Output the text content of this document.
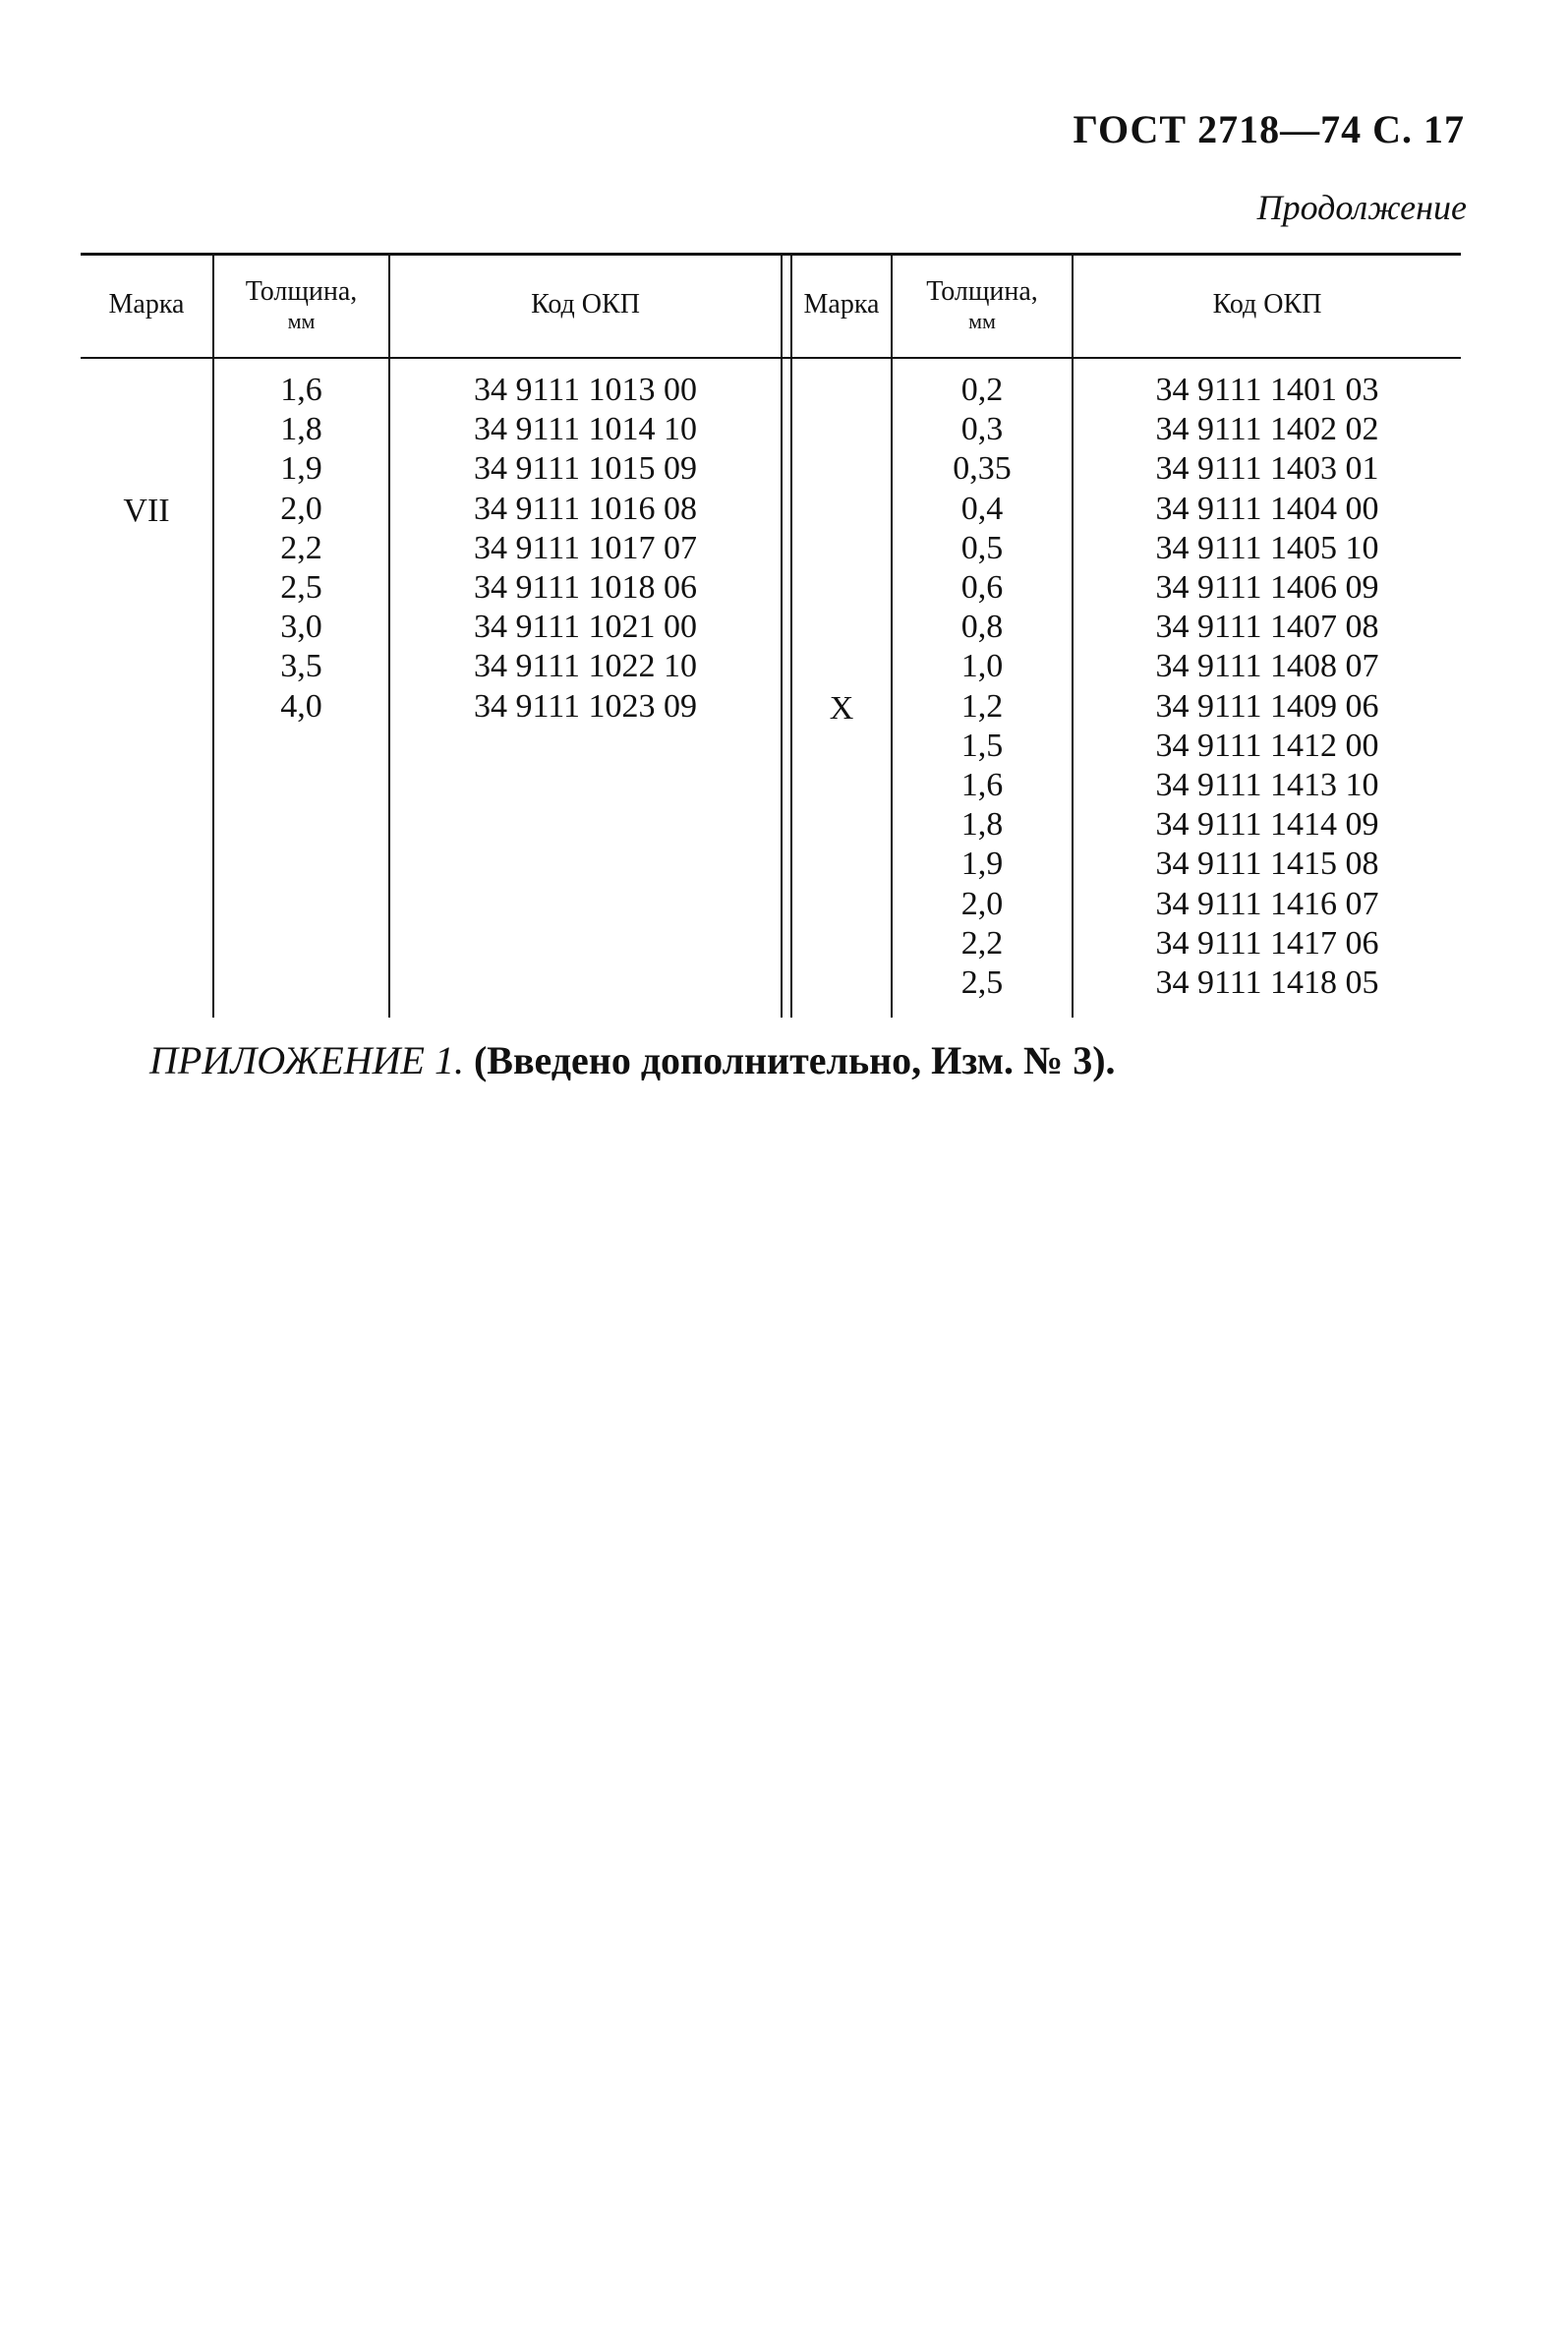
ГОСТ 2718—74 С. 17
Продолжение
Марка Толщина,
мм
Код ОКП	Марка Толщина,
мм
Код ОКП
VII
X
1,6
1,8
1,9
2,0
2,2
2,5
3,0
3,5
4,0
34 9111 1013 00
34 9111 1014 10
34 9111 1015 09
34 9111 1016 08
34 9111 1017 07
34 9111 1018 06
34 9111 1021 00
34 9111 1022 10
34 9111 1023 09
0,2
0,3
0,35
0,4
0,5
0,6
0,8
1,0
1,2
1,5
1,6
1,8
1,9
2,0
2,2
2,5
34 9111 1401 03
34 9111 1402 02
34 9111 1403 01
34 9111 1404 00
34 9111 1405 10
34 9111 1406 09
34 9111 1407 08
34 9111 1408 07
34 9111 1409 06
34 9111 1412 00
34 9111 1413 10
34 9111 1414 09
34 9111 1415 08
34 9111 1416 07
34 9111 1417 06
34 9111 1418 05
ПРИЛОЖЕНИЕ 1. (Введено дополнительно, Изм. № 3).
